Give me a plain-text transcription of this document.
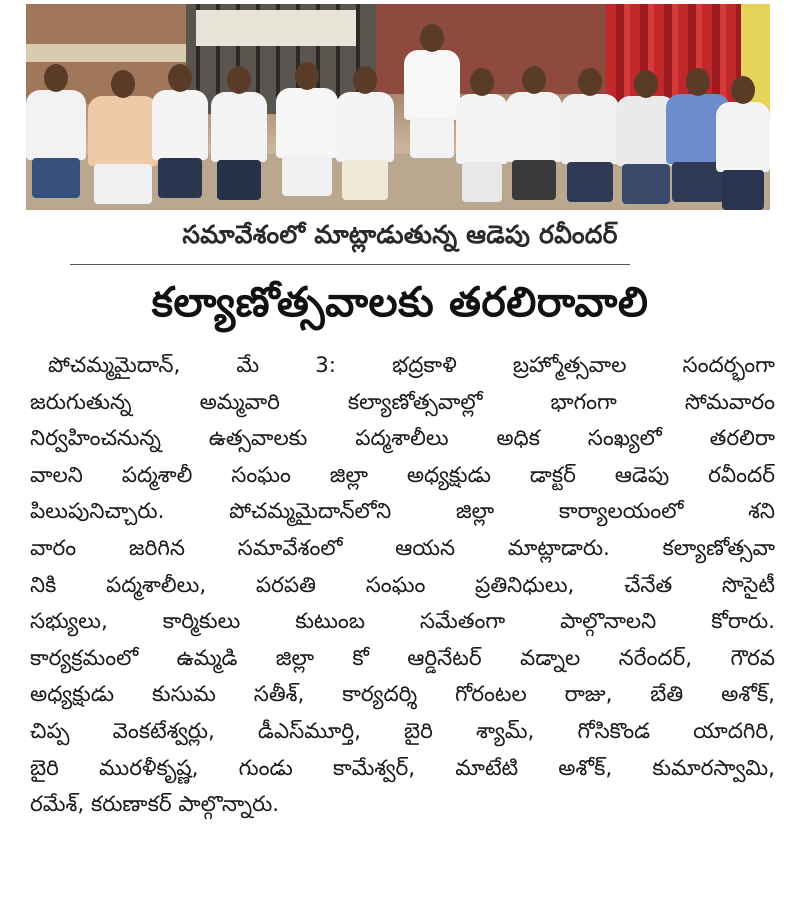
సమావేశంలో మాట్లాడుతున్న ఆడెపు రవీందర్
కల్యాణోత్సవాలకు తరలిరావాలి
పోచమ్మమైదాన్, మే 3: భద్రకాళి బ్రహ్మోత్సవాల సందర్భంగా
జరుగుతున్న అమ్మవారి కల్యాణోత్సవాల్లో భాగంగా సోమవారం
నిర్వహించనున్న ఉత్సవాలకు పద్మశాలీలు అధిక సంఖ్యలో తరలిరా
వాలని పద్మశాలీ సంఘం జిల్లా అధ్యక్షుడు డాక్టర్ ఆడెపు రవీందర్
పిలుపునిచ్చారు. పోచమ్మమైదాన్‌లోని జిల్లా కార్యాలయంలో శని
వారం జరిగిన సమావేశంలో ఆయన మాట్లాడారు. కల్యాణోత్సవా
నికి పద్మశాలీలు, పరపతి సంఘం ప్రతినిధులు, చేనేత సొసైటీ
సభ్యులు, కార్మికులు కుటుంబ సమేతంగా పాల్గొనాలని కోరారు.
కార్యక్రమంలో ఉమ్మడి జిల్లా కో ఆర్డినేటర్ వడ్నాల నరేందర్, గౌరవ
అధ్యక్షుడు కుసుమ సతీశ్, కార్యదర్శి గోరంటల రాజు, బేతి అశోక్,
చిప్ప వెంకటేశ్వర్లు, డీఎస్‌మూర్తి, బైరి శ్యామ్, గోసికొండ యాదగిరి,
బైరి మురళీకృష్ణ, గుండు కామేశ్వర్, మాటేటి అశోక్, కుమారస్వామి,
రమేశ్, కరుణాకర్ పాల్గొన్నారు.
